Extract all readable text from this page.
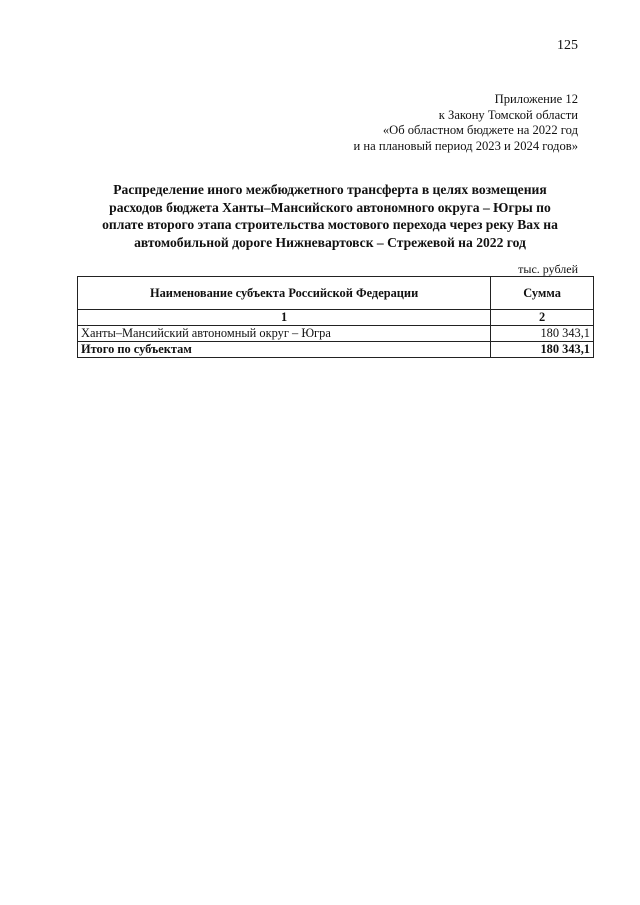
125
Приложение 12
к Закону Томской области
«Об областном бюджете на 2022 год
и на плановый период 2023 и 2024 годов»
Распределение иного межбюджетного трансферта в целях возмещения
расходов бюджета Ханты–Мансийского автономного округа – Югры по
оплате второго этапа строительства мостового перехода через реку Вах на
автомобильной дороге Нижневартовск – Стрежевой на 2022 год
тыс. рублей
Наименование субъекта Российской Федерации	Сумма
1	2
Ханты–Мансийский автономный округ – Югра	180 343,1
Итого по субъектам	180 343,1
